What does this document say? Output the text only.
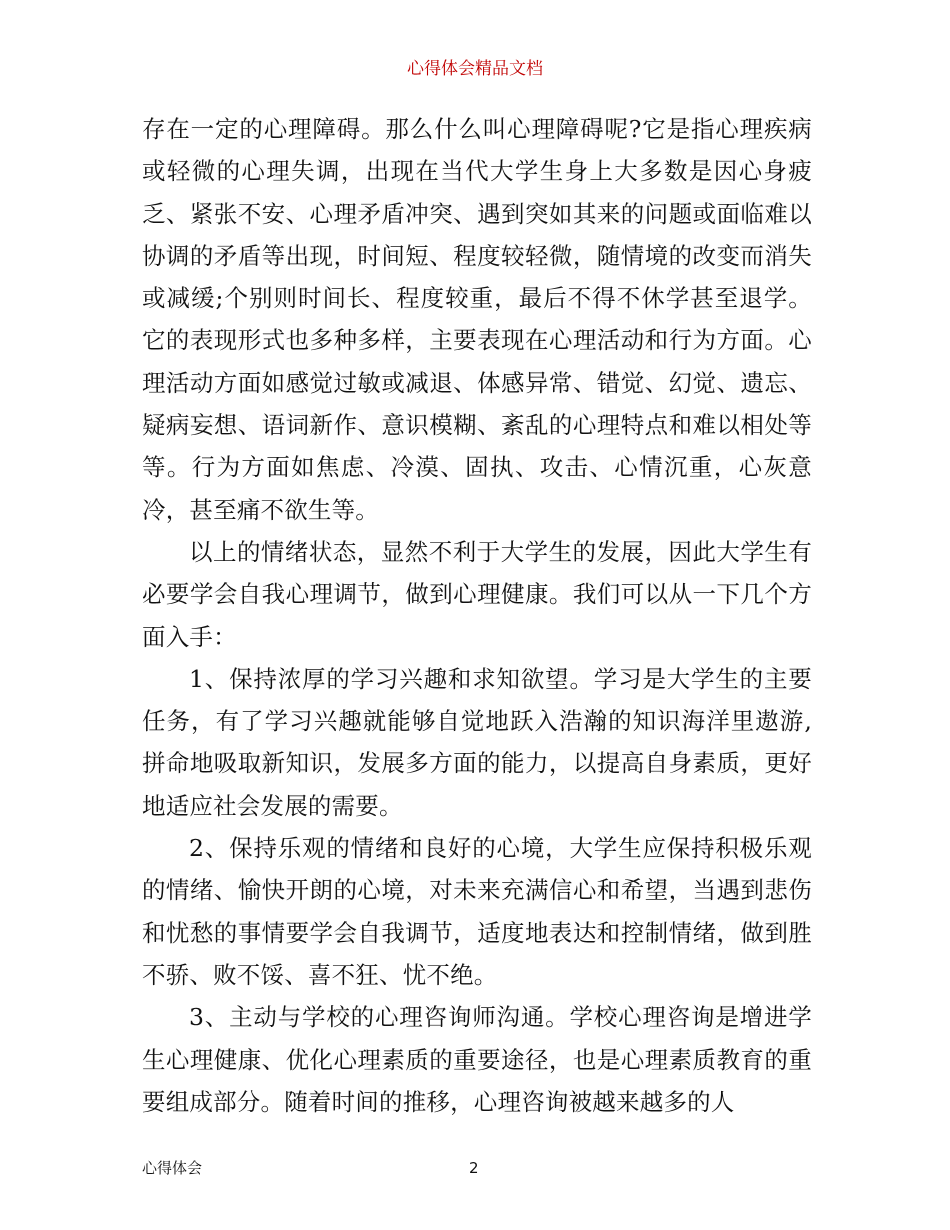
心得体会精品文档

存在一定的心理障碍。那么什么叫心理障碍呢?它是指心理疾病或轻微的心理失调，出现在当代大学生身上大多数是因心身疲乏、紧张不安、心理矛盾冲突、遇到突如其来的问题或面临难以协调的矛盾等出现，时间短、程度较轻微，随情境的改变而消失或减缓;个别则时间长、程度较重，最后不得不休学甚至退学。它的表现形式也多种多样，主要表现在心理活动和行为方面。心理活动方面如感觉过敏或减退、体感异常、错觉、幻觉、遗忘、疑病妄想、语词新作、意识模糊、紊乱的心理特点和难以相处等等。行为方面如焦虑、冷漠、固执、攻击、心情沉重，心灰意冷，甚至痛不欲生等。

以上的情绪状态，显然不利于大学生的发展，因此大学生有必要学会自我心理调节，做到心理健康。我们可以从一下几个方面入手：

1、保持浓厚的学习兴趣和求知欲望。学习是大学生的主要任务，有了学习兴趣就能够自觉地跃入浩瀚的知识海洋里遨游,拼命地吸取新知识，发展多方面的能力，以提高自身素质，更好地适应社会发展的需要。

2、保持乐观的情绪和良好的心境，大学生应保持积极乐观的情绪、愉快开朗的心境，对未来充满信心和希望，当遇到悲伤和忧愁的事情要学会自我调节，适度地表达和控制情绪，做到胜不骄、败不馁、喜不狂、忧不绝。

3、主动与学校的心理咨询师沟通。学校心理咨询是增进学生心理健康、优化心理素质的重要途径，也是心理素质教育的重要组成部分。随着时间的推移，心理咨询被越来越多的人

心得体会	2
